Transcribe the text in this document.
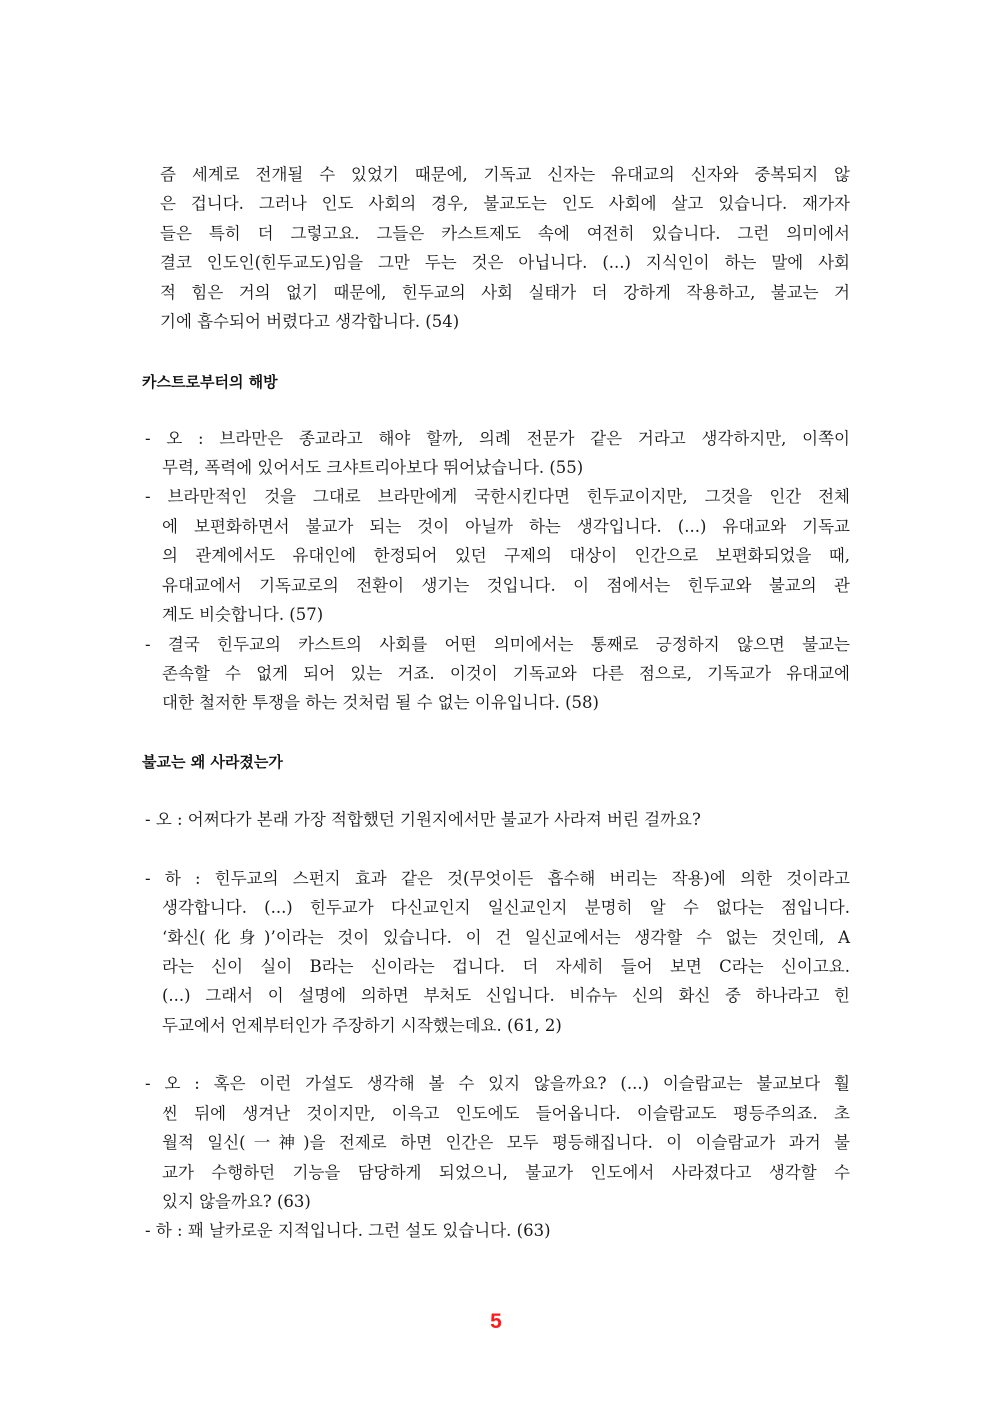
즘 세계로 전개될 수 있었기 때문에, 기독교 신자는 유대교의 신자와 중복되지 않
은 겁니다. 그러나 인도 사회의 경우, 불교도는 인도 사회에 살고 있습니다. 재가자
들은 특히 더 그렇고요. 그들은 카스트제도 속에 여전히 있습니다. 그런 의미에서
결코 인도인(힌두교도)임을 그만 두는 것은 아닙니다. (...) 지식인이 하는 말에 사회
적 힘은 거의 없기 때문에, 힌두교의 사회 실태가 더 강하게 작용하고, 불교는 거
기에 흡수되어 버렸다고 생각합니다. (54)
카스트로부터의 해방
- 오 : 브라만은 종교라고 해야 할까, 의례 전문가 같은 거라고 생각하지만, 이쪽이
무력, 폭력에 있어서도 크샤트리아보다 뛰어났습니다. (55)
- 브라만적인 것을 그대로 브라만에게 국한시킨다면 힌두교이지만, 그것을 인간 전체
에 보편화하면서 불교가 되는 것이 아닐까 하는 생각입니다. (...) 유대교와 기독교
의 관계에서도 유대인에 한정되어 있던 구제의 대상이 인간으로 보편화되었을 때,
유대교에서 기독교로의 전환이 생기는 것입니다. 이 점에서는 힌두교와 불교의 관
계도 비슷합니다. (57)
- 결국 힌두교의 카스트의 사회를 어떤 의미에서는 통째로 긍정하지 않으면 불교는
존속할 수 없게 되어 있는 거죠. 이것이 기독교와 다른 점으로, 기독교가 유대교에
대한 철저한 투쟁을 하는 것처럼 될 수 없는 이유입니다. (58)
불교는 왜 사라졌는가
- 오 : 어쩌다가 본래 가장 적합했던 기원지에서만 불교가 사라져 버린 걸까요?
- 하 : 힌두교의 스펀지 효과 같은 것(무엇이든 흡수해 버리는 작용)에 의한 것이라고
생각합니다. (...) 힌두교가 다신교인지 일신교인지 분명히 알 수 없다는 점입니다.
‘화신(化身)’이라는 것이 있습니다. 이 건 일신교에서는 생각할 수 없는 것인데, A
라는 신이 실이 B라는 신이라는 겁니다. 더 자세히 들어 보면 C라는 신이고요.
(...) 그래서 이 설명에 의하면 부처도 신입니다. 비슈누 신의 화신 중 하나라고 힌
두교에서 언제부터인가 주장하기 시작했는데요. (61, 2)
- 오 : 혹은 이런 가설도 생각해 볼 수 있지 않을까요? (...) 이슬람교는 불교보다 훨
씬 뒤에 생겨난 것이지만, 이윽고 인도에도 들어옵니다. 이슬람교도 평등주의죠. 초
월적 일신(一神)을 전제로 하면 인간은 모두 평등해집니다. 이 이슬람교가 과거 불
교가 수행하던 기능을 담당하게 되었으니, 불교가 인도에서 사라졌다고 생각할 수
있지 않을까요? (63)
- 하 : 꽤 날카로운 지적입니다. 그런 설도 있습니다. (63)
5
